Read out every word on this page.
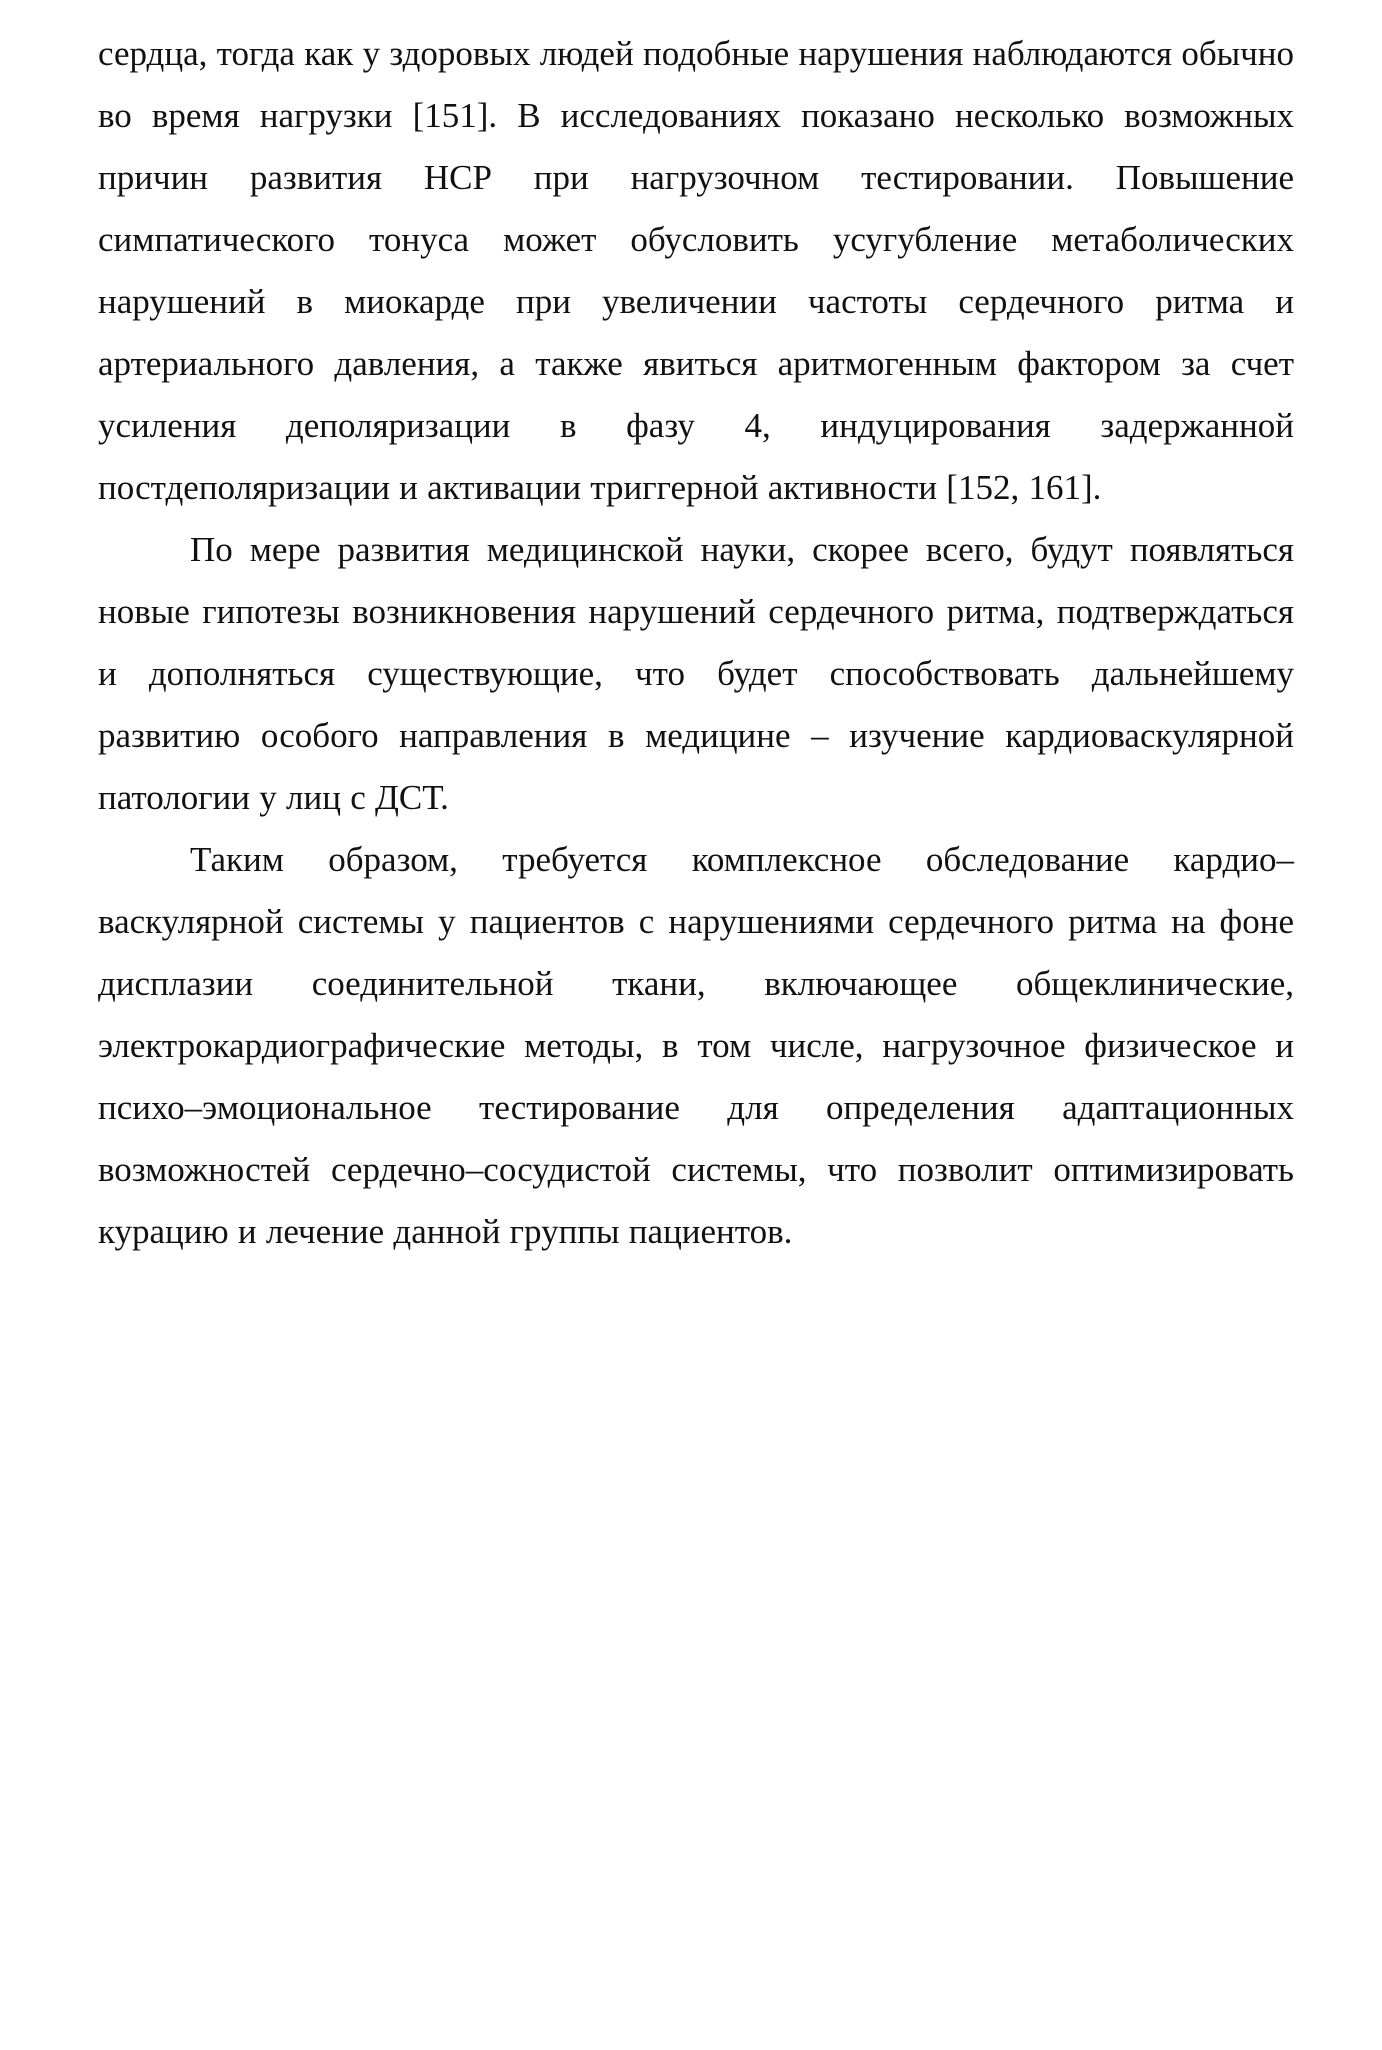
сердца, тогда как у здоровых людей подобные нарушения наблюдаются обычно во время нагрузки [151]. В исследованиях показано несколько возможных причин развития НСР при нагрузочном тестировании. Повышение симпатического тонуса может обусловить усугубление метаболических нарушений в миокарде при увеличении частоты сердечного ритма и артериального давления, а также явиться аритмогенным фактором за счет усиления деполяризации в фазу 4, индуцирования задержанной постдеполяризации и активации триггерной активности [152, 161].

По мере развития медицинской науки, скорее всего, будут появляться новые гипотезы возникновения нарушений сердечного ритма, подтверждаться и дополняться существующие, что будет способствовать дальнейшему развитию особого направления в медицине – изучение кардиоваскулярной патологии у лиц с ДСТ.

Таким образом, требуется комплексное обследование кардио–васкулярной системы у пациентов с нарушениями сердечного ритма на фоне дисплазии соединительной ткани, включающее общеклинические, электрокардиографические методы, в том числе, нагрузочное физическое и психо–эмоциональное тестирование для определения адаптационных возможностей сердечно–сосудистой системы, что позволит оптимизировать курацию и лечение данной группы пациентов.
